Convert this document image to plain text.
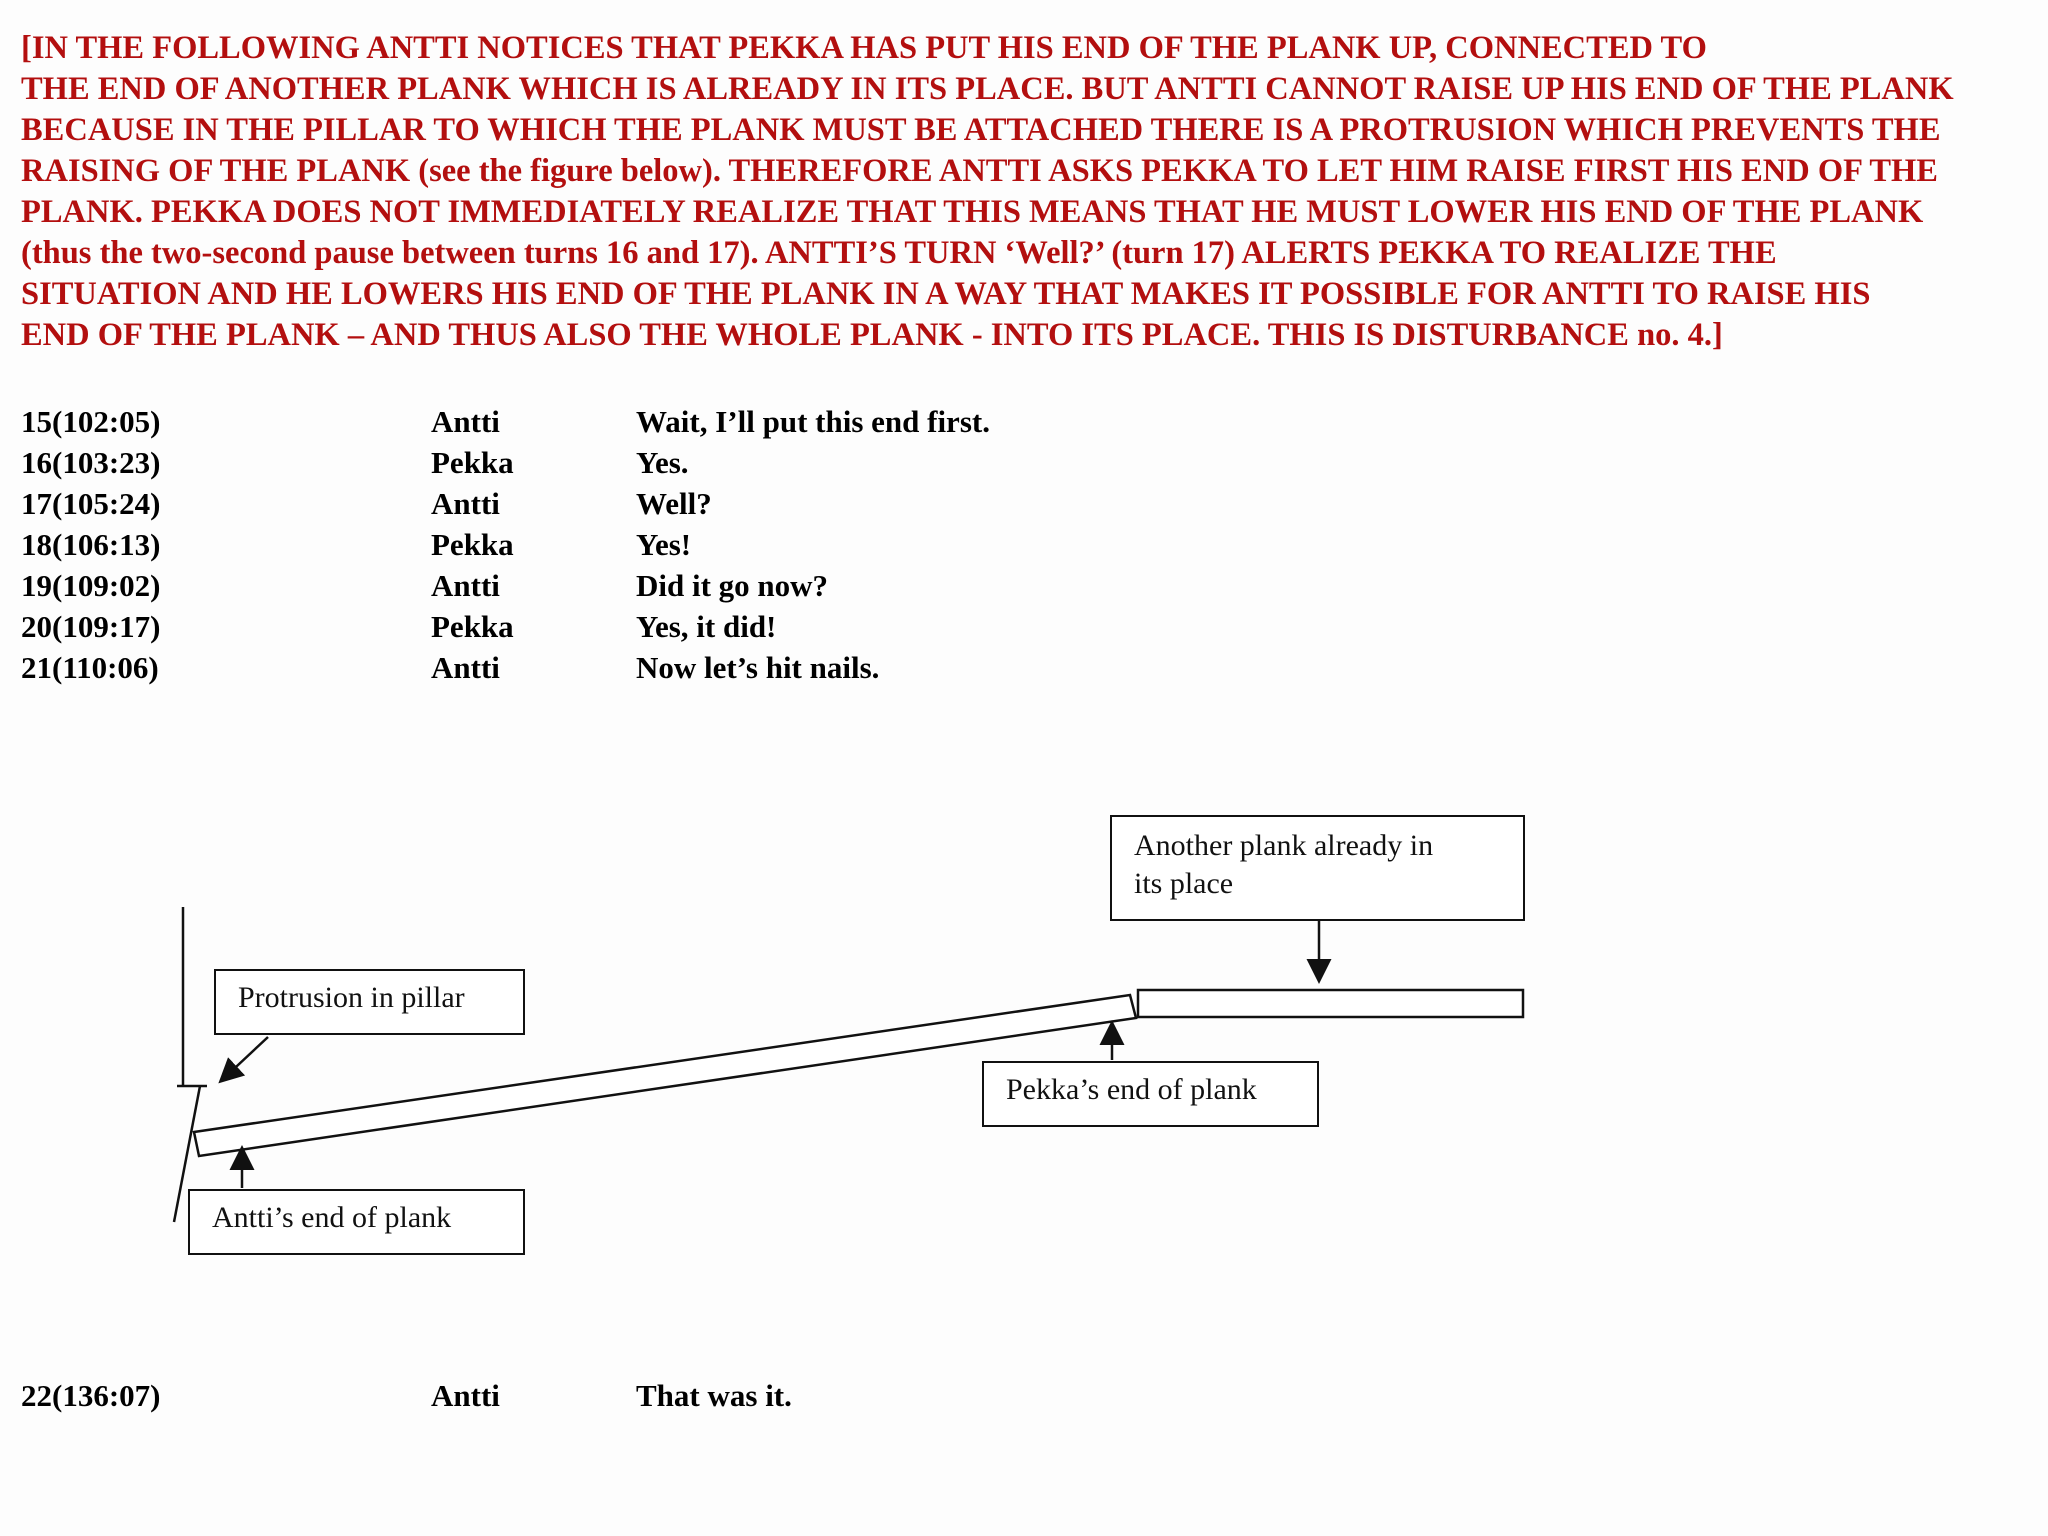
[IN THE FOLLOWING ANTTI NOTICES THAT PEKKA HAS PUT HIS END OF THE PLANK UP, CONNECTED TO
THE END OF ANOTHER PLANK WHICH IS ALREADY IN ITS PLACE. BUT ANTTI CANNOT RAISE UP HIS END OF THE PLANK
BECAUSE IN THE PILLAR TO WHICH THE PLANK MUST BE ATTACHED THERE IS A PROTRUSION WHICH PREVENTS THE
RAISING OF THE PLANK (see the figure below). THEREFORE ANTTI ASKS PEKKA TO LET HIM RAISE FIRST HIS END OF THE
PLANK. PEKKA DOES NOT IMMEDIATELY REALIZE THAT THIS MEANS THAT HE MUST LOWER HIS END OF THE PLANK
(thus the two-second pause between turns 16 and 17). ANTTI’S TURN ‘Well?’ (turn 17) ALERTS PEKKA TO REALIZE THE
SITUATION AND HE LOWERS HIS END OF THE PLANK IN A WAY THAT MAKES IT POSSIBLE FOR ANTTI TO RAISE HIS
END OF THE PLANK – AND THUS ALSO THE WHOLE PLANK - INTO ITS PLACE. THIS IS DISTURBANCE no. 4.]

15(102:05)	Antti	Wait, I’ll put this end first.
16(103:23)	Pekka	Yes.
17(105:24)	Antti	Well?
18(106:13)	Pekka	Yes!
19(109:02)	Antti	Did it go now?
20(109:17)	Pekka	Yes, it did!
21(110:06)	Antti	Now let’s hit nails.
Another plank already in
its place
Protrusion in pillar
Pekka’s end of plank
Antti’s end of plank
22(136:07)	Antti	That was it.
